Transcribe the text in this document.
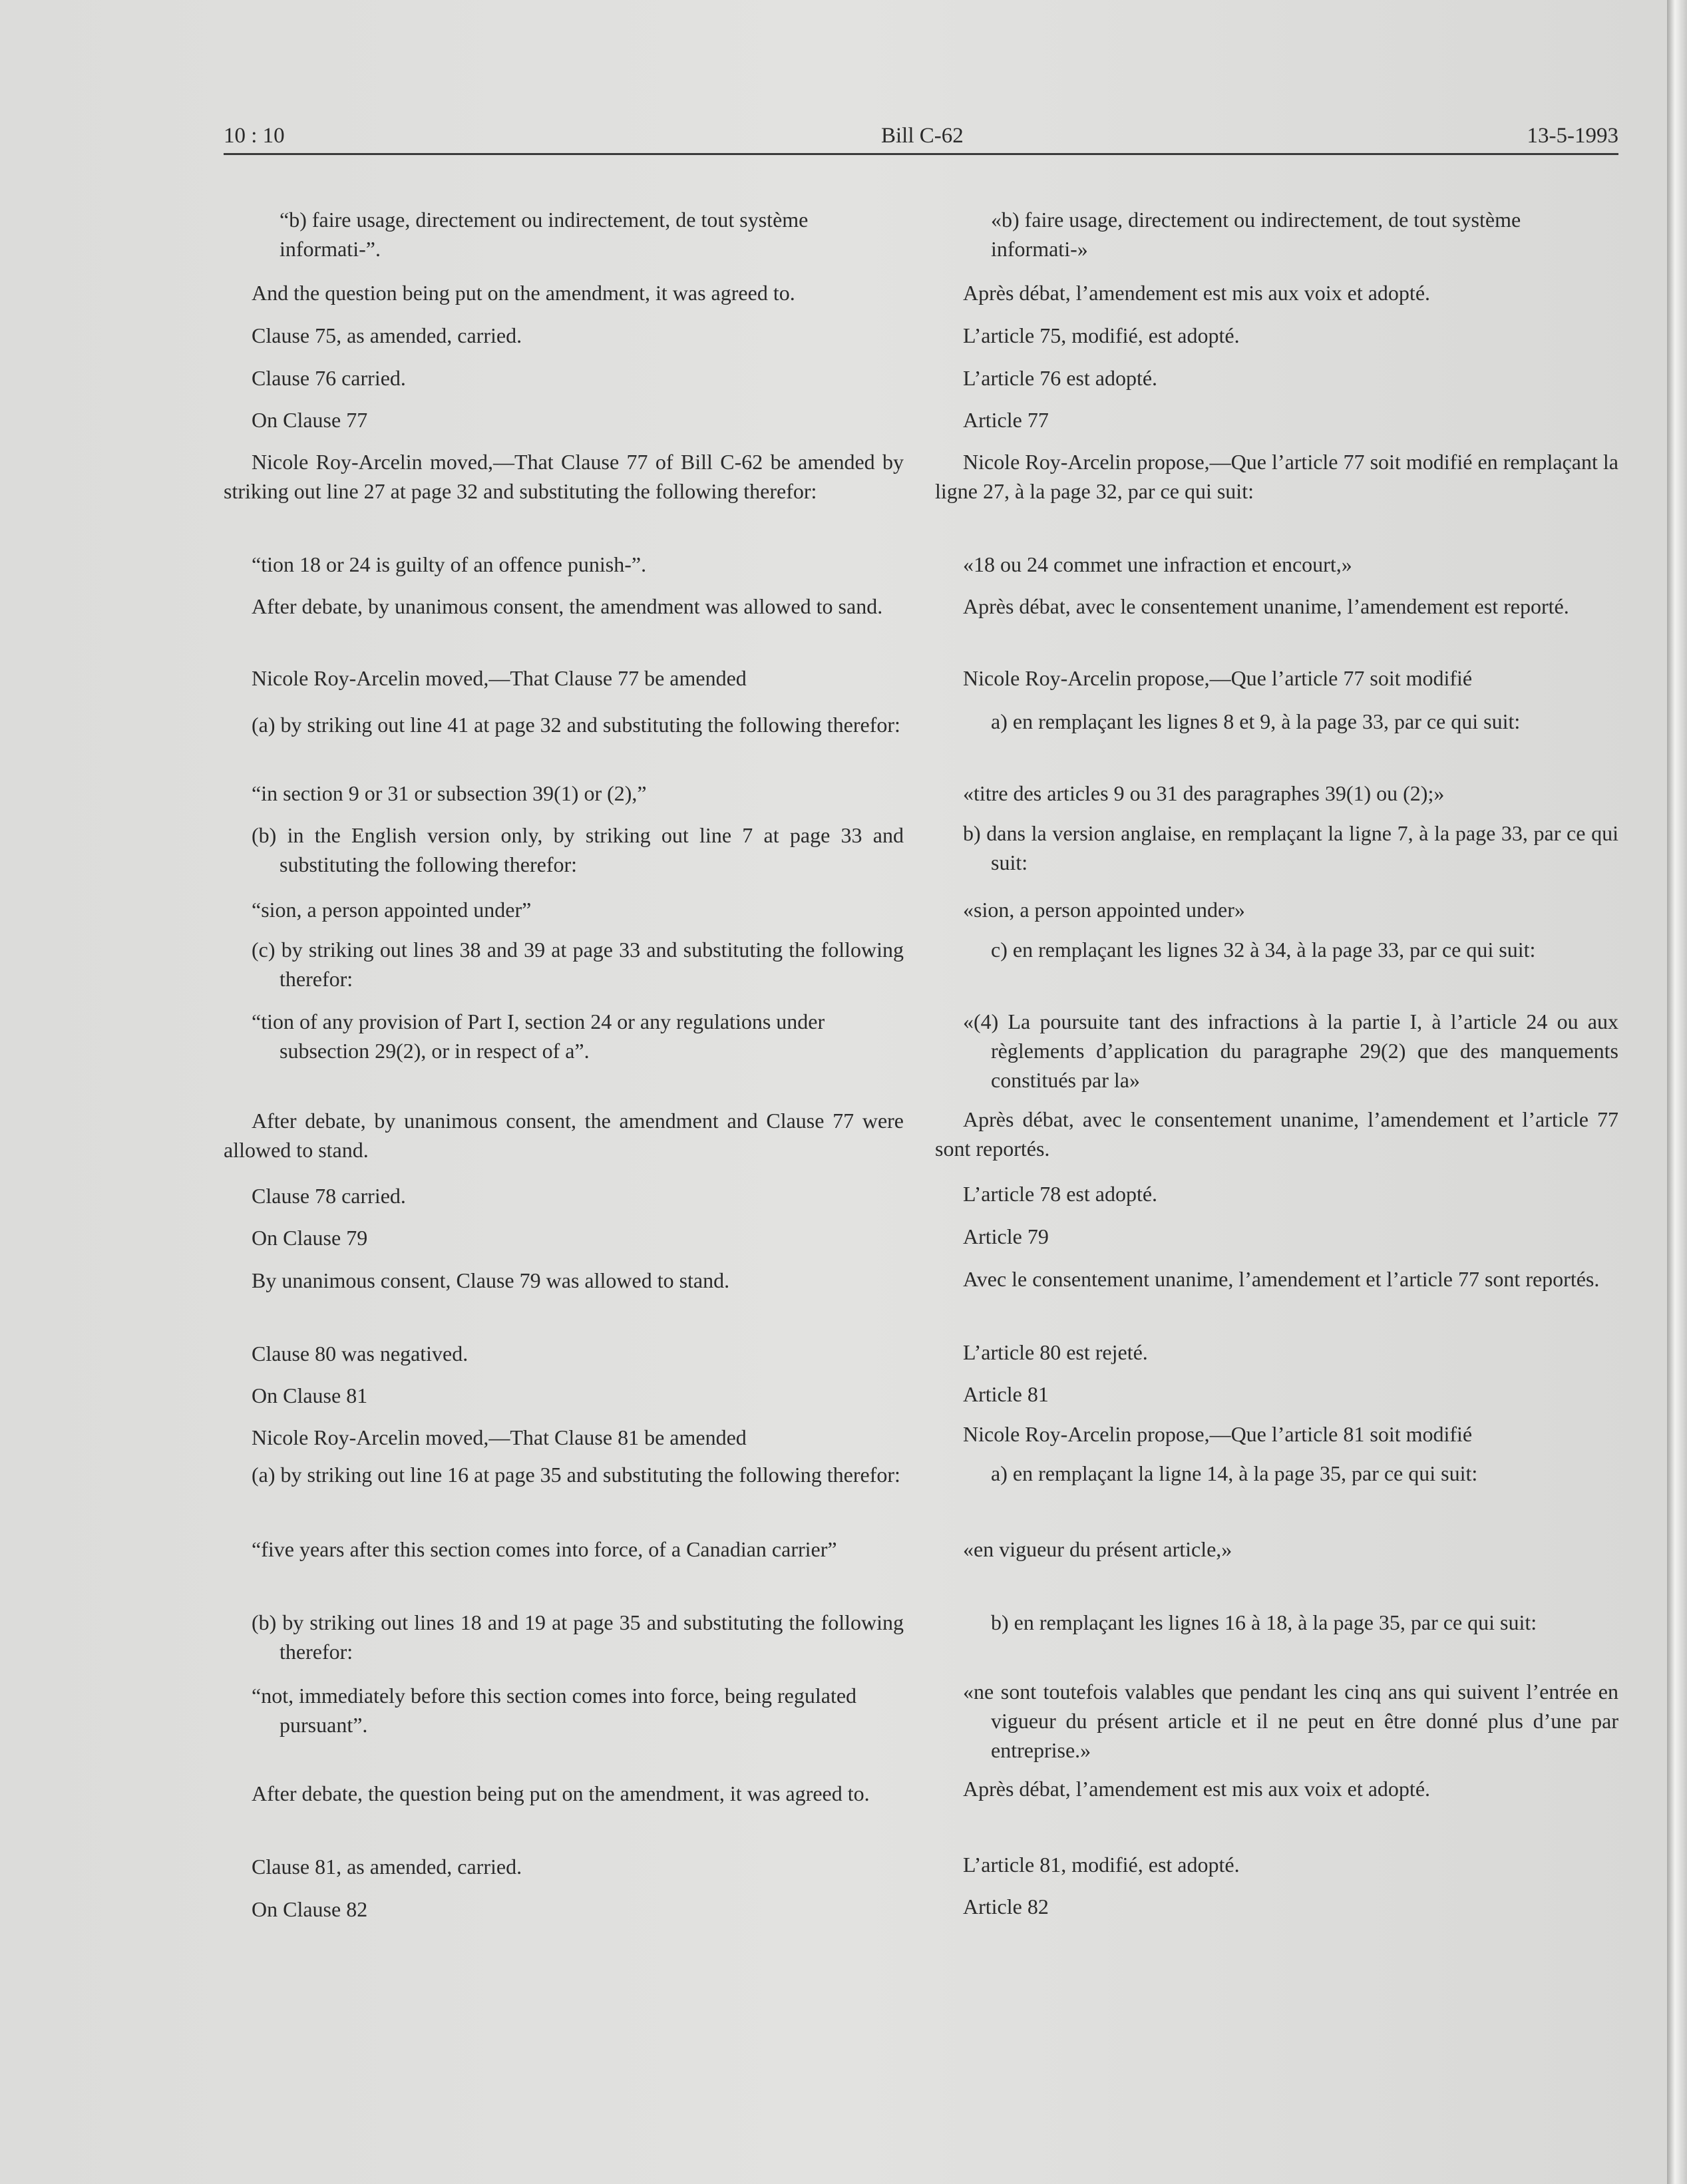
10 : 10	Bill C-62	13-5-1993

“b) faire usage, directement ou indirectement, de tout système informati-”.

And the question being put on the amendment, it was agreed to.

Clause 75, as amended, carried.

Clause 76 carried.

On Clause 77

Nicole Roy-Arcelin moved,—That Clause 77 of Bill C-62 be amended by striking out line 27 at page 32 and substituting the following therefor:

“tion 18 or 24 is guilty of an offence punish-”.

After debate, by unanimous consent, the amendment was allowed to sand.

Nicole Roy-Arcelin moved,—That Clause 77 be amended

(a) by striking out line 41 at page 32 and substituting the following therefor:

“in section 9 or 31 or subsection 39(1) or (2),”

(b) in the English version only, by striking out line 7 at page 33 and substituting the following therefor:

“sion, a person appointed under”

(c) by striking out lines 38 and 39 at page 33 and substituting the following therefor:

“tion of any provision of Part I, section 24 or any regulations under subsection 29(2), or in respect of a”.

After debate, by unanimous consent, the amendment and Clause 77 were allowed to stand.

Clause 78 carried.

On Clause 79

By unanimous consent, Clause 79 was allowed to stand.

Clause 80 was negatived.

On Clause 81

Nicole Roy-Arcelin moved,—That Clause 81 be amended

(a) by striking out line 16 at page 35 and substituting the following therefor:

“five years after this section comes into force, of a Canadian carrier”

(b) by striking out lines 18 and 19 at page 35 and substituting the following therefor:

“not, immediately before this section comes into force, being regulated pursuant”.

After debate, the question being put on the amendment, it was agreed to.

Clause 81, as amended, carried.

On Clause 82

«b) faire usage, directement ou indirectement, de tout système informati-»

Après débat, l’amendement est mis aux voix et adopté.

L’article 75, modifié, est adopté.

L’article 76 est adopté.

Article 77

Nicole Roy-Arcelin propose,—Que l’article 77 soit modifié en remplaçant la ligne 27, à la page 32, par ce qui suit:

«18 ou 24 commet une infraction et encourt,»

Après débat, avec le consentement unanime, l’amendement est reporté.

Nicole Roy-Arcelin propose,—Que l’article 77 soit modifié

a) en remplaçant les lignes 8 et 9, à la page 33, par ce qui suit:

«titre des articles 9 ou 31 des paragraphes 39(1) ou (2);»

b) dans la version anglaise, en remplaçant la ligne 7, à la page 33, par ce qui suit:

«sion, a person appointed under»

c) en remplaçant les lignes 32 à 34, à la page 33, par ce qui suit:

«(4) La poursuite tant des infractions à la partie I, à l’article 24 ou aux règlements d’application du paragraphe 29(2) que des manquements constitués par la»

Après débat, avec le consentement unanime, l’amendement et l’article 77 sont reportés.

L’article 78 est adopté.

Article 79

Avec le consentement unanime, l’amendement et l’article 77 sont reportés.

L’article 80 est rejeté.

Article 81

Nicole Roy-Arcelin propose,—Que l’article 81 soit modifié

a) en remplaçant la ligne 14, à la page 35, par ce qui suit:

«en vigueur du présent article,»

b) en remplaçant les lignes 16 à 18, à la page 35, par ce qui suit:

«ne sont toutefois valables que pendant les cinq ans qui suivent l’entrée en vigueur du présent article et il ne peut en être donné plus d’une par entreprise.»

Après débat, l’amendement est mis aux voix et adopté.

L’article 81, modifié, est adopté.

Article 82
